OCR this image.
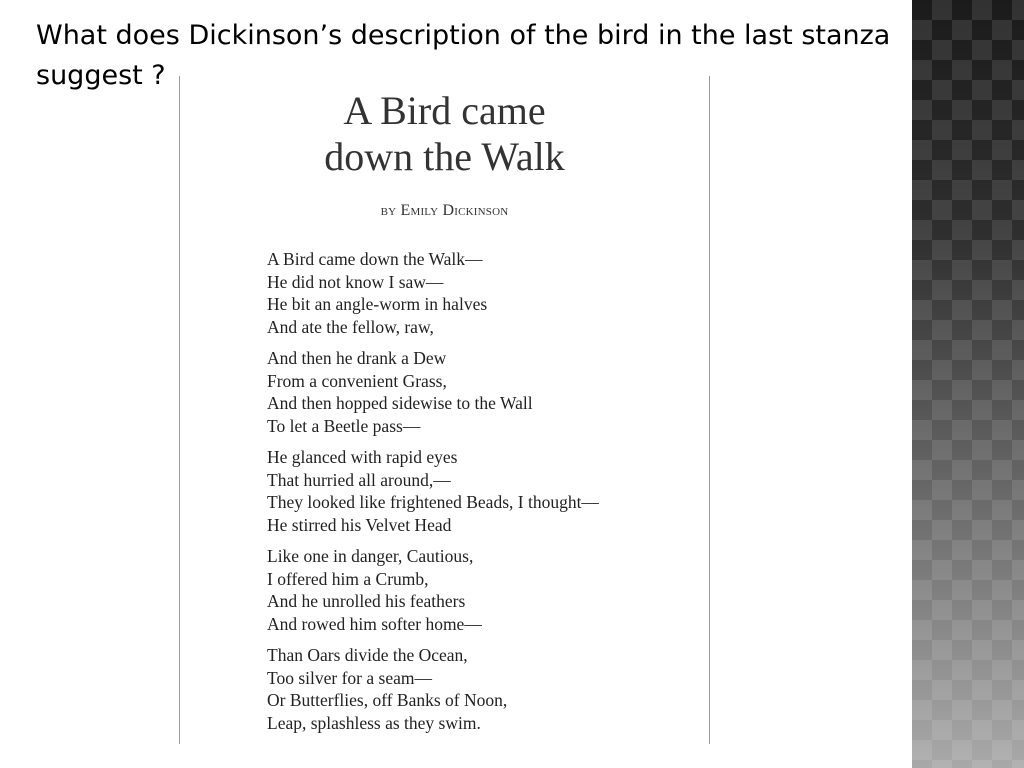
What does Dickinson’s description of the bird in the last stanza suggest ?

A Bird came
down the Walk
by Emily Dickinson
A Bird came down the Walk—
He did not know I saw—
He bit an angle-worm in halves
And ate the fellow, raw,
And then he drank a Dew
From a convenient Grass,
And then hopped sidewise to the Wall
To let a Beetle pass—
He glanced with rapid eyes
That hurried all around,—
They looked like frightened Beads, I thought—
He stirred his Velvet Head
Like one in danger, Cautious,
I offered him a Crumb,
And he unrolled his feathers
And rowed him softer home—
Than Oars divide the Ocean,
Too silver for a seam—
Or Butterflies, off Banks of Noon,
Leap, splashless as they swim.
